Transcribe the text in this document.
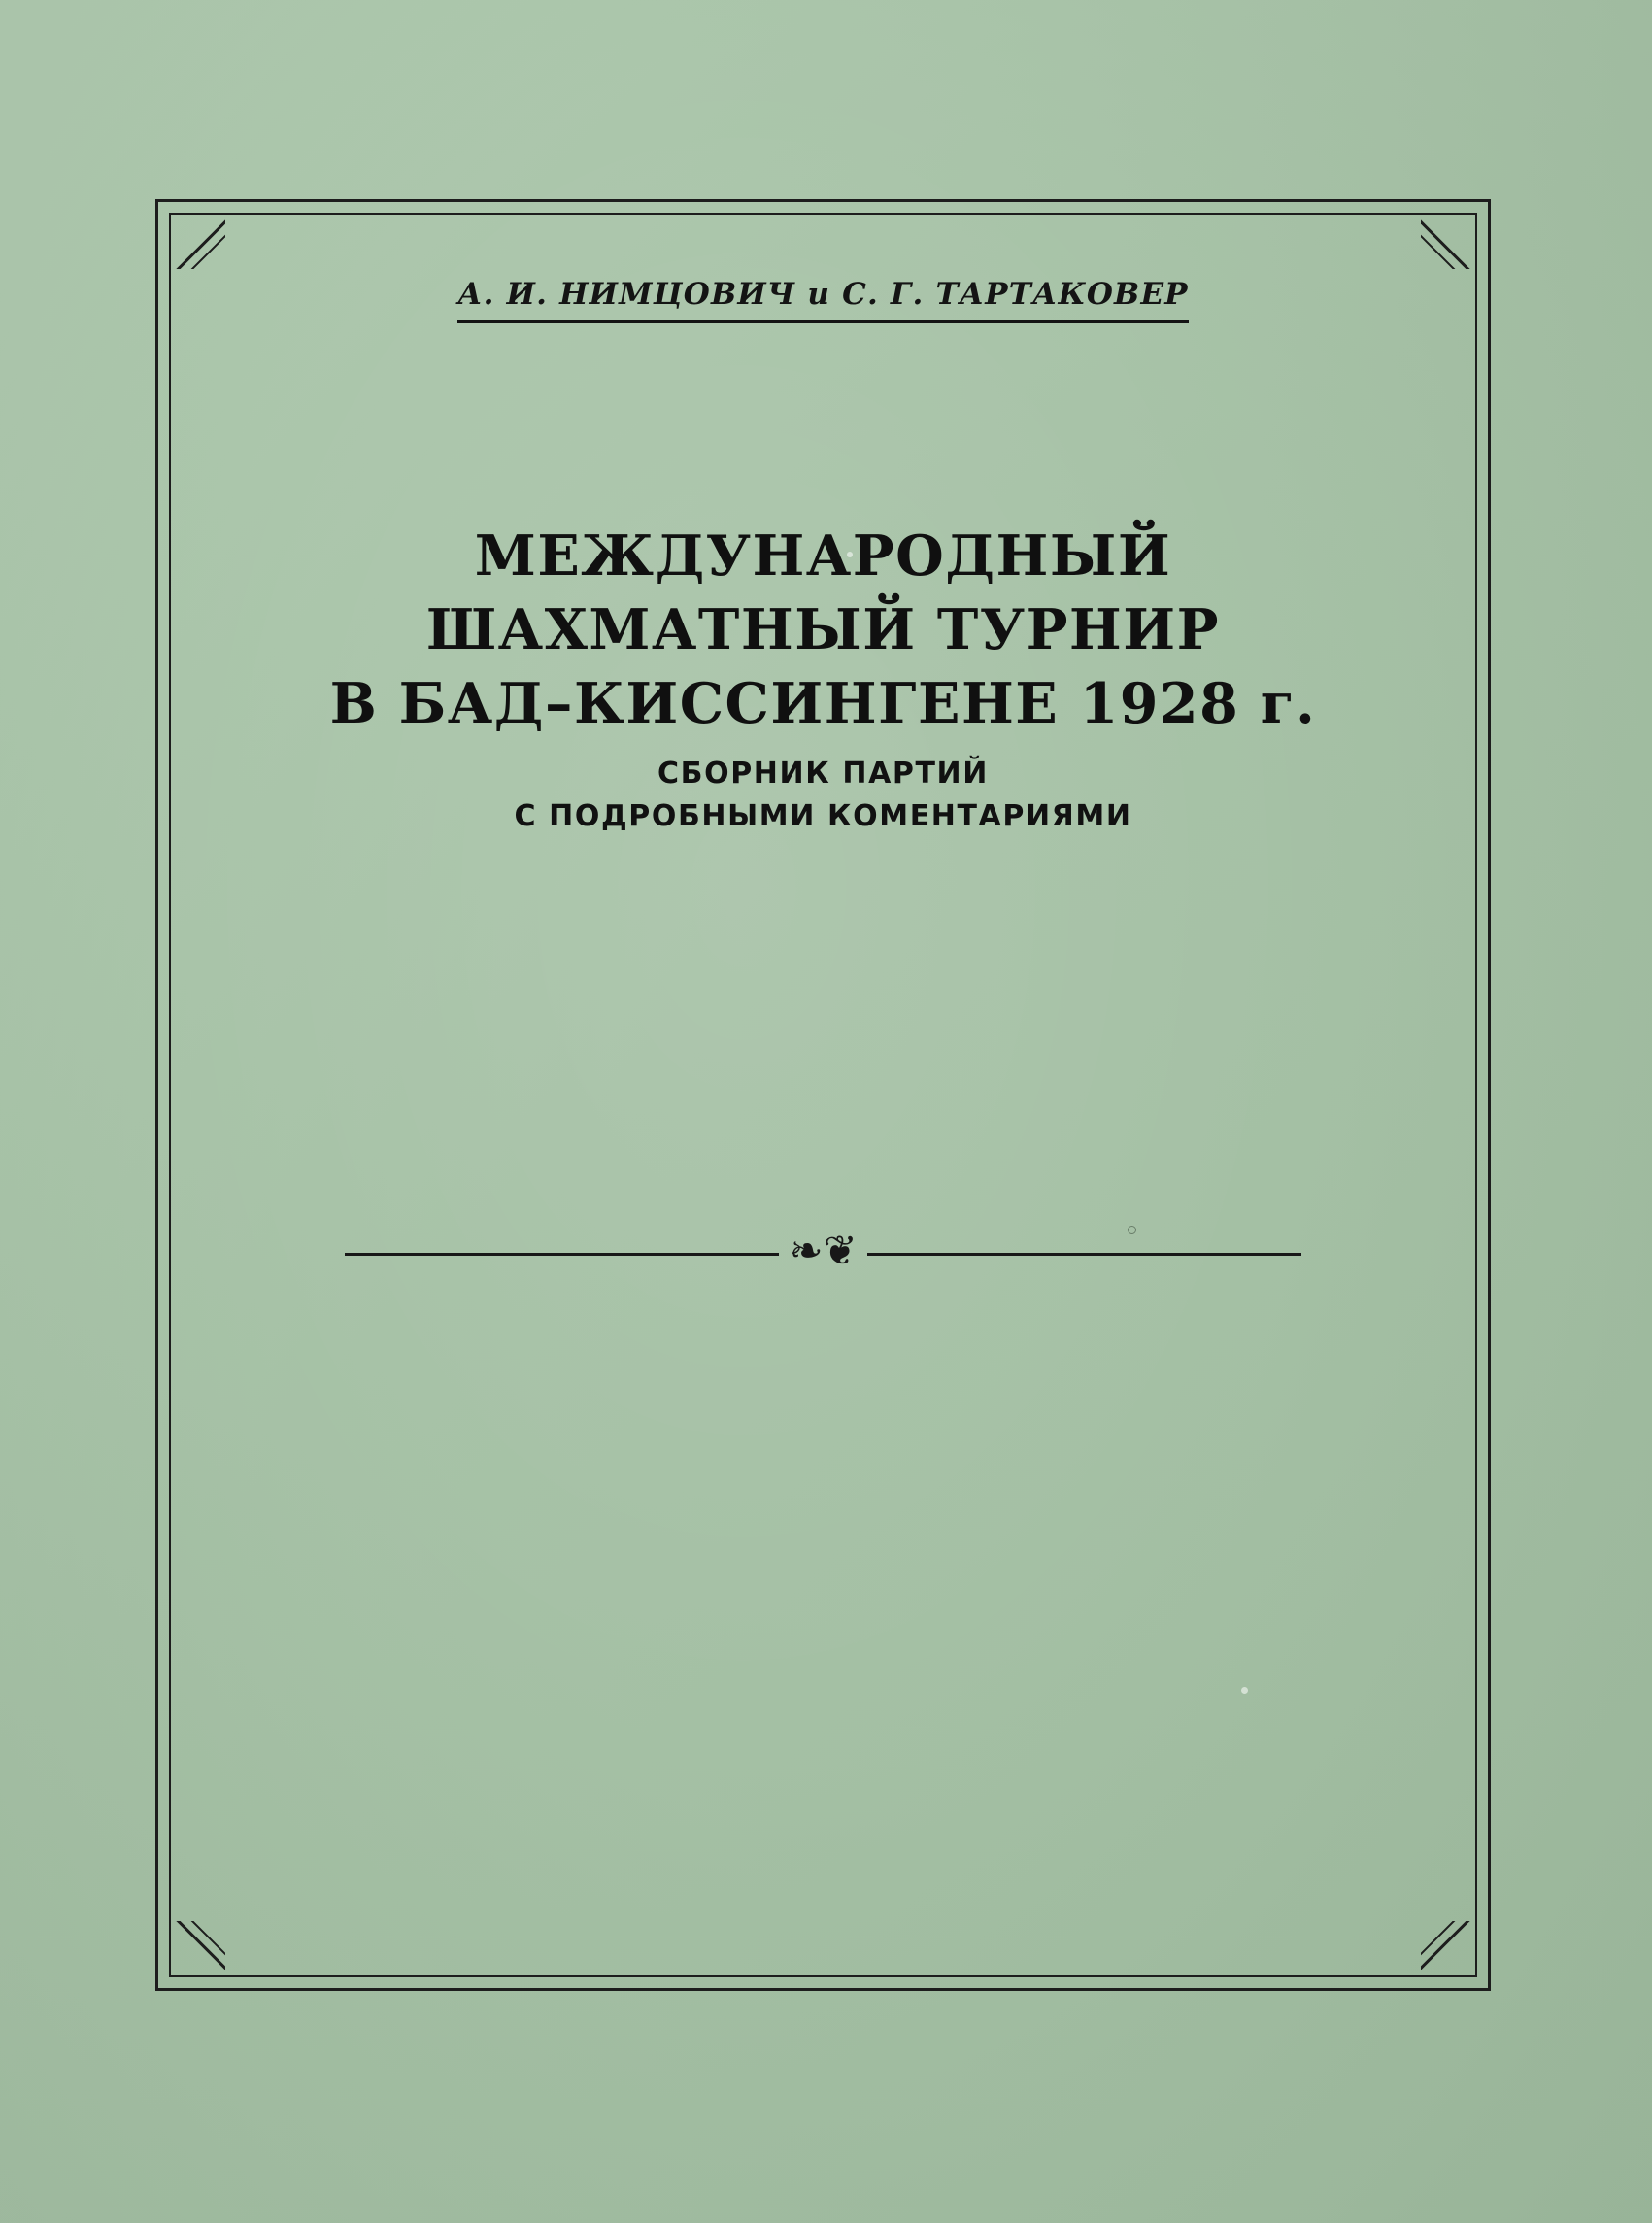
А. И. НИМЦОВИЧ и С. Г. ТАРТАКОВЕР
МЕЖДУНАРОДНЫЙ
ШАХМАТНЫЙ ТУРНИР
В БАД–КИССИНГЕНЕ 1928 г.
СБОРНИК ПАРТИЙ
С ПОДРОБНЫМИ КОМЕНТАРИЯМИ
❧❦
